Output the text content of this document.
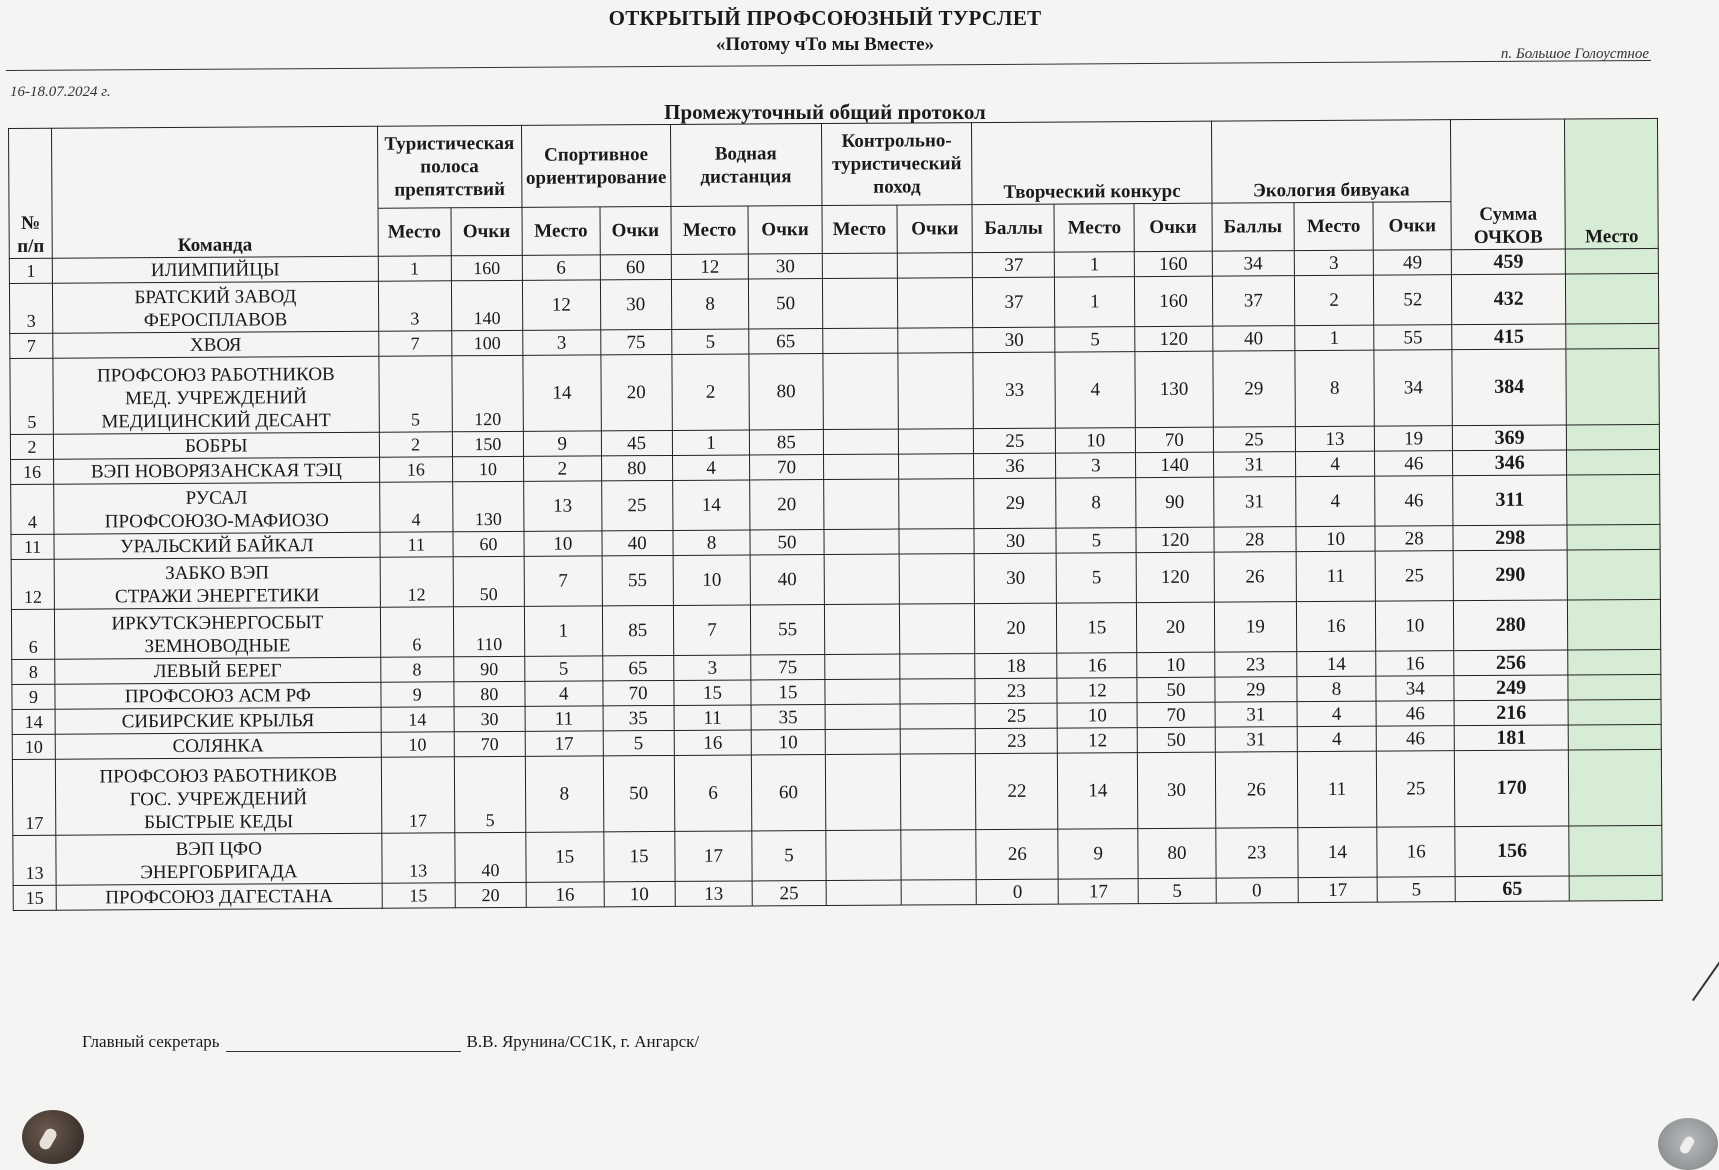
ОТКРЫТЫЙ ПРОФСОЮЗНЫЙ ТУРСЛЕТ
«Потому чТо мы Вместе»	п. Большое Голоустное
16-18.07.2024 г.
Промежуточный общий протокол
№ п/п	Команда	Туристическая полоса препятствий		Спортивное ориентирование		Водная дистанция		Контрольно-туристический поход		Творческий конкурс			Экология бивуака			Сумма ОЧКОВ	Место
		Место	Очки	Место	Очки	Место	Очки	Место	Очки	Баллы	Место	Очки	Баллы	Место	Очки		
1	ИЛИМПИЙЦЫ	1	160	6	60	12	30			37	1	160	34	3	49	459	
3	БРАТСКИЙ ЗАВОД
ФЕРОСПЛАВОВ	3	140	12	30	8	50			37	1	160	37	2	52	432	
7	ХВОЯ	7	100	3	75	5	65			30	5	120	40	1	55	415	
5	ПРОФСОЮЗ РАБОТНИКОВ
МЕД. УЧРЕЖДЕНИЙ
МЕДИЦИНСКИЙ ДЕСАНТ	5	120	14	20	2	80			33	4	130	29	8	34	384	
2	БОБРЫ	2	150	9	45	1	85			25	10	70	25	13	19	369	
16	ВЭП НОВОРЯЗАНСКАЯ ТЭЦ	16	10	2	80	4	70			36	3	140	31	4	46	346	
4	РУСАЛ
ПРОФСОЮЗО-МАФИОЗО	4	130	13	25	14	20			29	8	90	31	4	46	311	
11	УРАЛЬСКИЙ БАЙКАЛ	11	60	10	40	8	50			30	5	120	28	10	28	298	
12	ЗАБКО ВЭП
СТРАЖИ ЭНЕРГЕТИКИ	12	50	7	55	10	40			30	5	120	26	11	25	290	
6	ИРКУТСКЭНЕРГОСБЫТ
ЗЕМНОВОДНЫЕ	6	110	1	85	7	55			20	15	20	19	16	10	280	
8	ЛЕВЫЙ БЕРЕГ	8	90	5	65	3	75			18	16	10	23	14	16	256	
9	ПРОФСОЮЗ АСМ РФ	9	80	4	70	15	15			23	12	50	29	8	34	249	
14	СИБИРСКИЕ КРЫЛЬЯ	14	30	11	35	11	35			25	10	70	31	4	46	216	
10	СОЛЯНКА	10	70	17	5	16	10			23	12	50	31	4	46	181	
17	ПРОФСОЮЗ РАБОТНИКОВ
ГОС. УЧРЕЖДЕНИЙ
БЫСТРЫЕ КЕДЫ	17	5	8	50	6	60			22	14	30	26	11	25	170	
13	ВЭП ЦФО
ЭНЕРГОБРИГАДА	13	40	15	15	17	5			26	9	80	23	14	16	156	
15	ПРОФСОЮЗ ДАГЕСТАНА	15	20	16	10	13	25			0	17	5	0	17	5	65	
Главный секретарь	В.В. Ярунина/СС1К, г. Ангарск/
